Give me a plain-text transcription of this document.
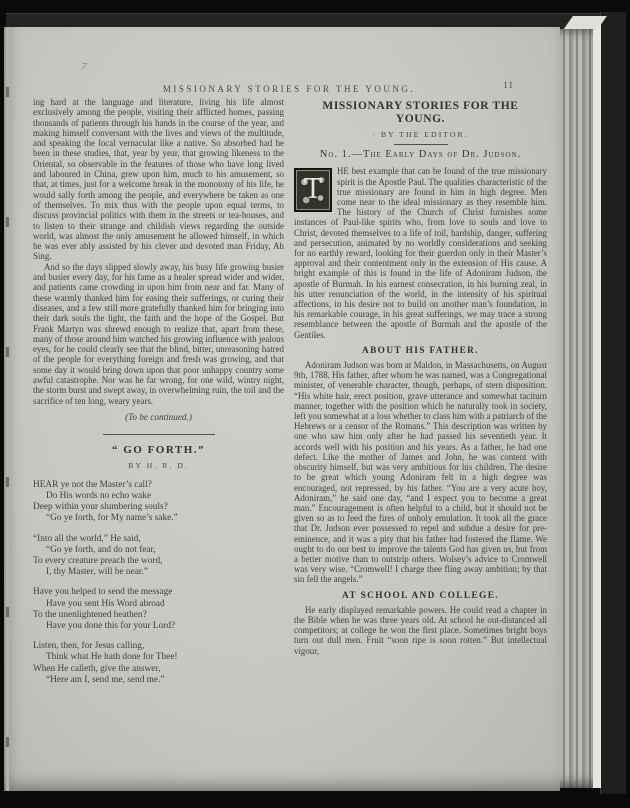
7
MISSIONARY STORIES FOR THE YOUNG.	11

ing hard at the language and literature, living his life almost exclusively among the people, visiting their afflicted homes, passing thousands of patients through his hands in the course of the year, and making himself conversant with the lives and views of the multitude, and speaking the local vernacular like a native. So absorbed had he been in these studies, that, year by year, that growing likeness to the Oriental, so observable in the features of those who have long lived and laboured in China, grew upon him, much to his amusement, so that, at times, just for a welcome break in the monotony of his life, he would sally forth among the people, and everywhere be taken as one of themselves. To mix thus with the people upon equal terms, to discuss provincial politics with them in the streets or tea-houses, and to listen to their strange and childish views regarding the outside world, was almost the only amusement he allowed himself, in which he was ever ably assisted by his clever and devoted man Friday, Ah Sing.

And so the days slipped slowly away, his busy life growing busier and busier every day, for his fame as a healer spread wider and wider, and patients came crowding in upon him from near and far. Many of these warmly thanked him for easing their sufferings, or curing their diseases, and a few still more gratefully thanked him for bringing into their dark souls the light, the faith and the hope of the Gospel. But Frank Martyn was shrewd enough to realize that, apart from these, many of those around him watched his growing influence with jealous eyes, for he could clearly see that the blind, bitter, unreasoning hatred of the people for everything foreign and fresh was growing, and that some day it would bring down upon that poor unhappy country some awful catastrophe. Nor was he far wrong, for one wild, wintry night, the storm burst and swept away, in overwhelming ruin, the toil and the sacrifice of ten long, weary years.

(To be continued.)

“ GO FORTH.”
BY H. R. D.
HEAR ye not the Master’s call?
Do His words no echo wake
Deep within your slumbering souls?
“Go ye forth, for My name’s sake.”
“Into all the world,” He said,
“Go ye forth, and do not fear,
To every creature preach the word,
I, thy Master, will be near.”
Have you helped to send the message
Have you sent His Word abroad
To the unenlightened heathen?
Have you done this for your Lord?
Listen, then, for Jesus calling,
Think what He hath done for Thee!
When He calleth, give the answer,
“Here am I, send me, send me.”
MISSIONARY STORIES FOR THE
YOUNG.
· BY THE EDITOR.
No. 1.—The Early Days of Dr. Judson.

T
HE best example that can be found of the true missionary spirit is the Apostle Paul. The qualities characteristic of the true missionary are found in him in high degree. Men come near to the ideal missionary as they resemble him. The history of the Church of Christ furnishes some instances of Paul-like spirits who, from love to souls and love to Christ, devoted themselves to a life of toil, hardship, danger, suffering and persecution, animated by no worldly considerations and seeking for no earthly reward, looking for their guerdon only in their Master’s approval and their contentment only in the extension of His cause. A bright example of this is found in the life of Adoniram Judson, the apostle of Burmah. In his earnest consecration, in his burning zeal, in his utter renunciation of the world, in the intensity of his spiritual affections, in his desire not to build on another man’s foundation, in his remarkable courage, in his great sufferings, we may trace a strong resemblance between the apostle of Burmah and the apostle of the Gentiles.

ABOUT HIS FATHER.

Adoniram Judson was born at Maldon, in Massachusetts, on August 9th, 1788. His father, after whom he was named, was a Congregational minister, of venerable character, though, perhaps, of stern disposition. “His white hair, erect position, grave utterance and somewhat taciturn manner, together with the position which he naturally took in society, left you somewhat at a loss whether to class him with a patriarch of the Hebrews or a censor of the Romans.” This description was written by one who saw him only after he had passed his seventieth year. It accords well with his position and his years. As a father, he had one defect. Like the mother of James and John, he was content with obscurity himself, but was very ambitious for his children. The desire to be great which young Adoniram felt in a high degree was encouraged, not repressed, by his father. “You are a very acute boy, Adoniram,” he said one day, “and I expect you to become a great man.” Encouragement is often helpful to a child, but it should not be given so as to feed the fires of unholy emulation. It took all the grace that Dr. Judson ever possessed to repel and subdue a desire for pre-eminence, and it was a pity that his father had fostered the flame. We ought to do our best to improve the talents God has given us, but from a better motive than to outstrip others. Wolsey’s advice to Cromwell was very wise. “Cromwell! I charge thee fling away ambition; by that sin fell the angels.”

AT SCHOOL AND COLLEGE.

He early displayed remarkable powers. He could read a chapter in the Bible when he was three years old. At school he out-distanced all competitors; at college he won the first place. Sometimes bright boys turn out dull men. Fruit “soon ripe is soon rotten.” But intellectual vigour,
